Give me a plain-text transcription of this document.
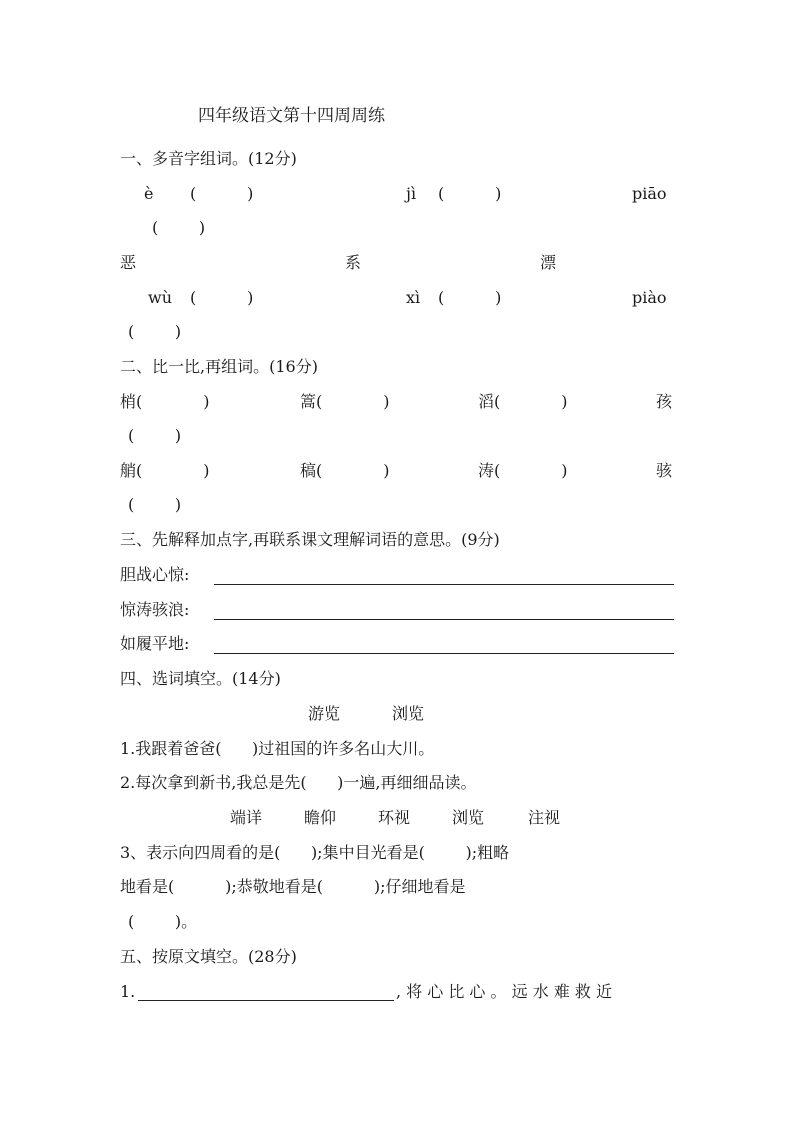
四年级语文第十四周周练
一、多音字组词。(12分)
è (          )	jì (          )	piāo
(        )
恶	系	漂
wù (          )	xì (          )	piào
(        )
二、比一比,再组词。(16分)
梢(            )	篙(            )	滔(            )	孩
(        )
艄(            )	稿(            )	涛(            )	骇
(        )
三、先解释加点字,再联系课文理解词语的意思。(9分)
胆战心惊:
惊涛骇浪:
如履平地:
四、选词填空。(14分)
游览	浏览
1.我跟着爸爸(      )过祖国的许多名山大川。
2.每次拿到新书,我总是先(      )一遍,再细细品读。
端详	瞻仰	环视	浏览	注视
3、表示向四周看的是(      );集中目光看是(        );粗略
地看是(          );恭敬地看是(          );仔细地看是
(        )。
五、按原文填空。(28分)
1.	, 将 心 比 心 。 远 水 难 救 近
